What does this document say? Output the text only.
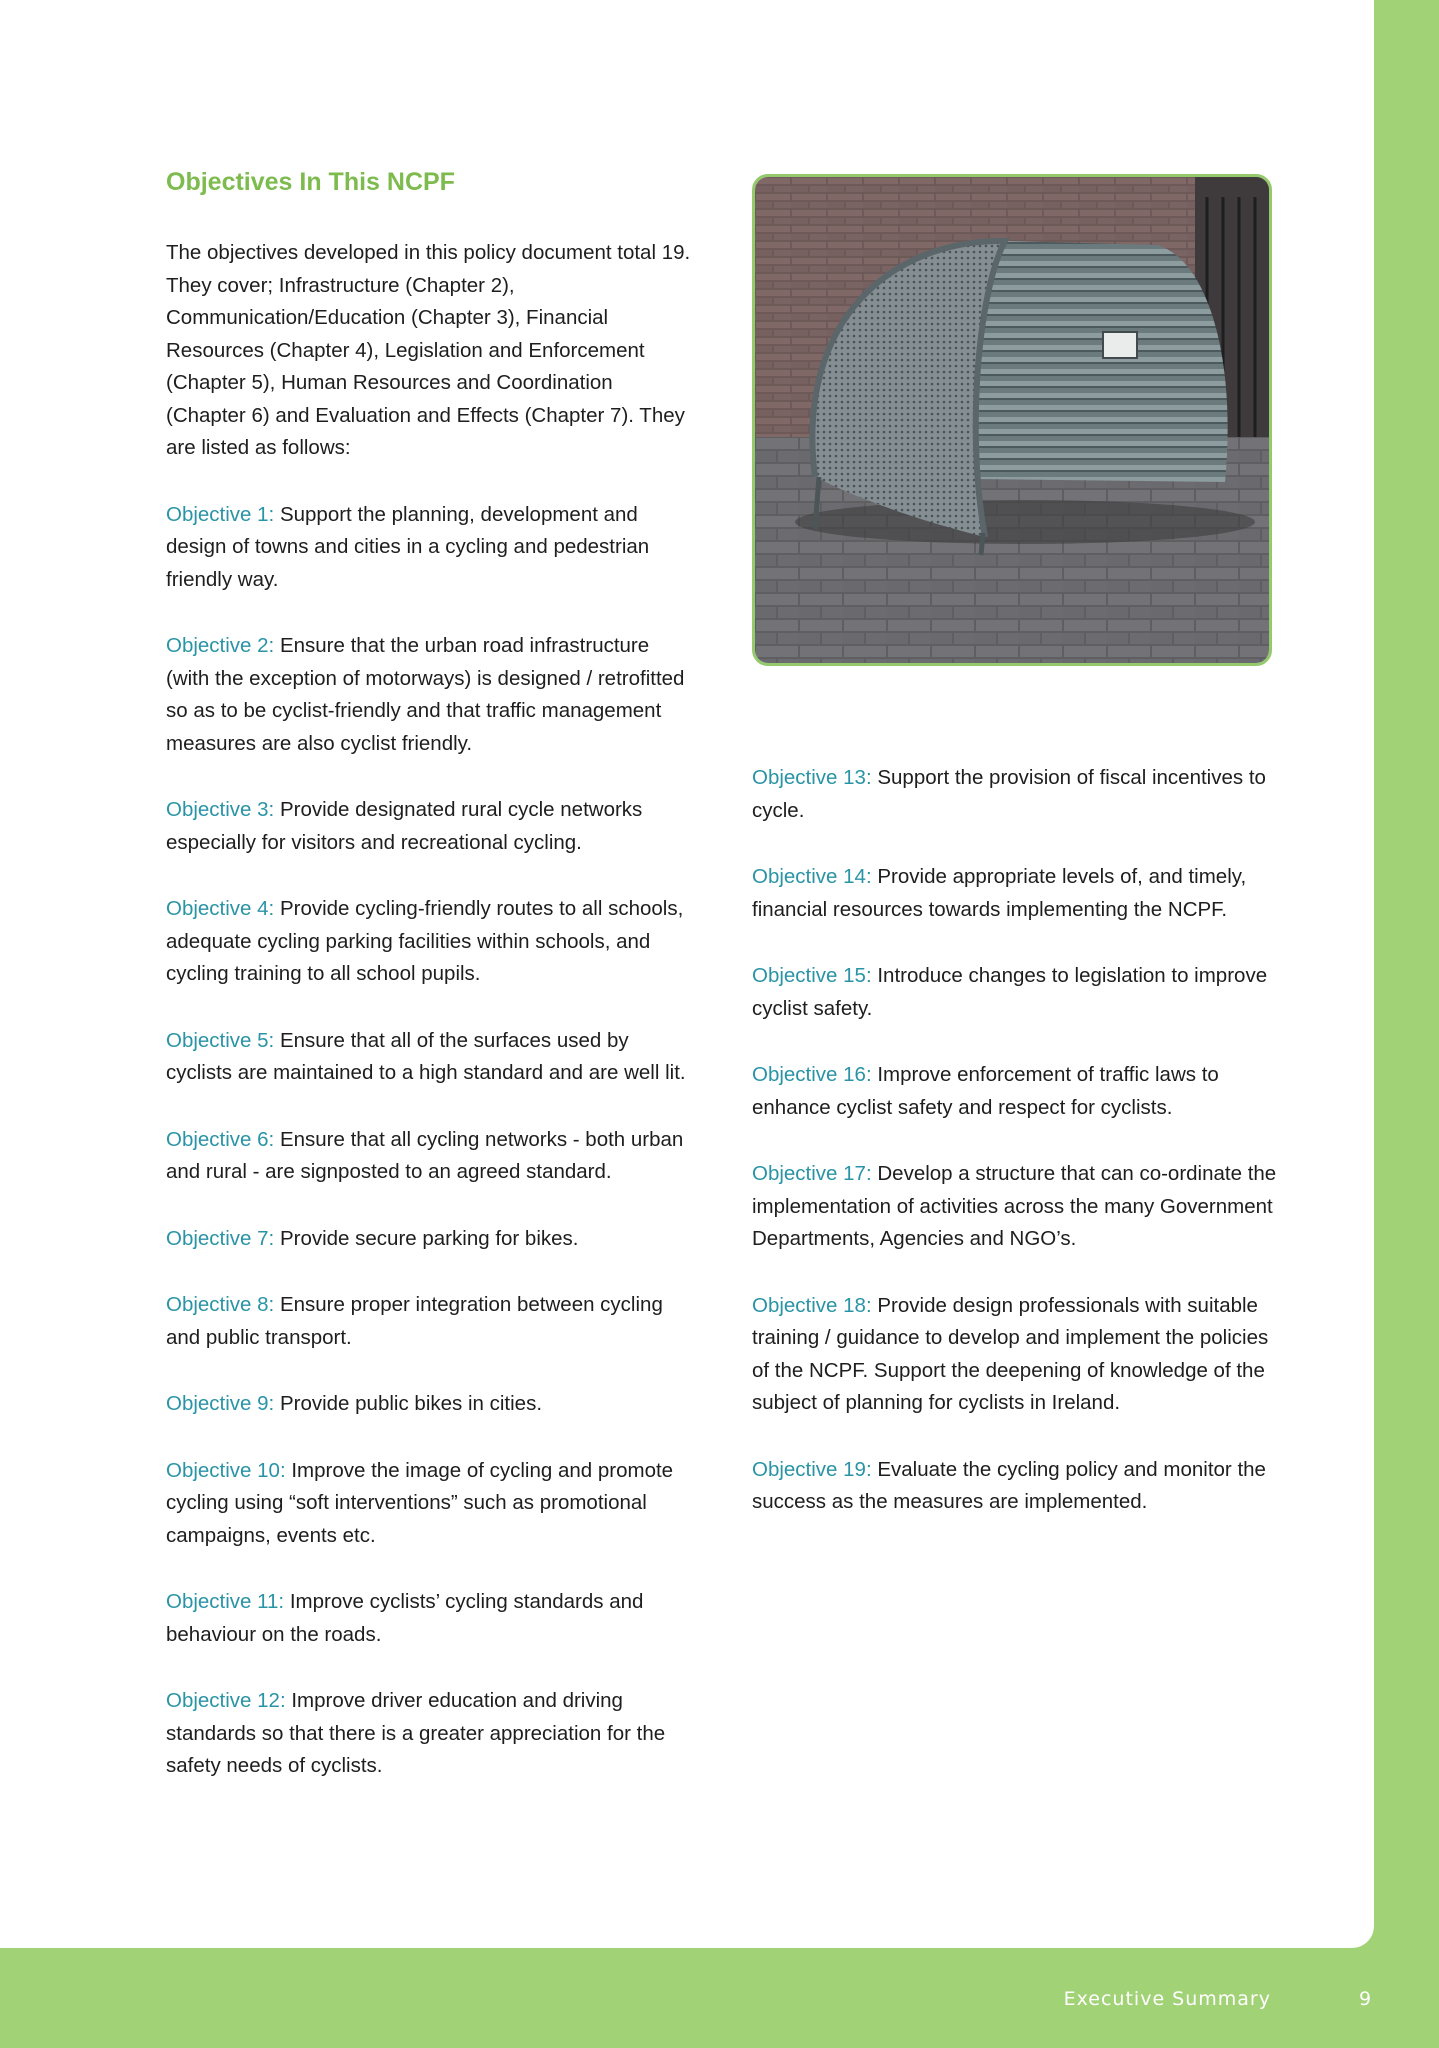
Objectives In This NCPF

The objectives developed in this policy document total 19. They cover; Infrastructure (Chapter 2), Communication/Education (Chapter 3), Financial Resources (Chapter 4), Legislation and Enforcement (Chapter 5), Human Resources and Coordination (Chapter 6) and Evaluation and Effects (Chapter 7). They are listed as follows:

Objective 1: Support the planning, development and design of towns and cities in a cycling and pedestrian friendly way.

Objective 2: Ensure that the urban road infrastructure (with the exception of motorways) is designed / retrofitted so as to be cyclist-friendly and that traffic management measures are also cyclist friendly.

Objective 3: Provide designated rural cycle networks especially for visitors and recreational cycling.

Objective 4: Provide cycling-friendly routes to all schools, adequate cycling parking facilities within schools, and cycling training to all school pupils.

Objective 5: Ensure that all of the surfaces used by cyclists are maintained to a high standard and are well lit.

Objective 6: Ensure that all cycling networks - both urban and rural - are signposted to an agreed standard.

Objective 7: Provide secure parking for bikes.

Objective 8: Ensure proper integration between cycling and public transport.

Objective 9: Provide public bikes in cities.

Objective 10: Improve the image of cycling and promote cycling using “soft interventions” such as promotional campaigns, events etc.

Objective 11: Improve cyclists’ cycling standards and behaviour on the roads.

Objective 12: Improve driver education and driving standards so that there is a greater appreciation for the safety needs of cyclists.

Objective 13: Support the provision of fiscal incentives to cycle.

Objective 14: Provide appropriate levels of, and timely, financial resources towards implementing the NCPF.

Objective 15: Introduce changes to legislation to improve cyclist safety.

Objective 16: Improve enforcement of traffic laws to enhance cyclist safety and respect for cyclists.

Objective 17: Develop a structure that can co-ordinate the implementation of activities across the many Government Departments, Agencies and NGO’s.

Objective 18: Provide design professionals with suitable training / guidance to develop and implement the policies of the NCPF. Support the deepening of knowledge of the subject of planning for cyclists in Ireland.

Objective 19: Evaluate the cycling policy and monitor the success as the measures are implemented.

Executive Summary	9
